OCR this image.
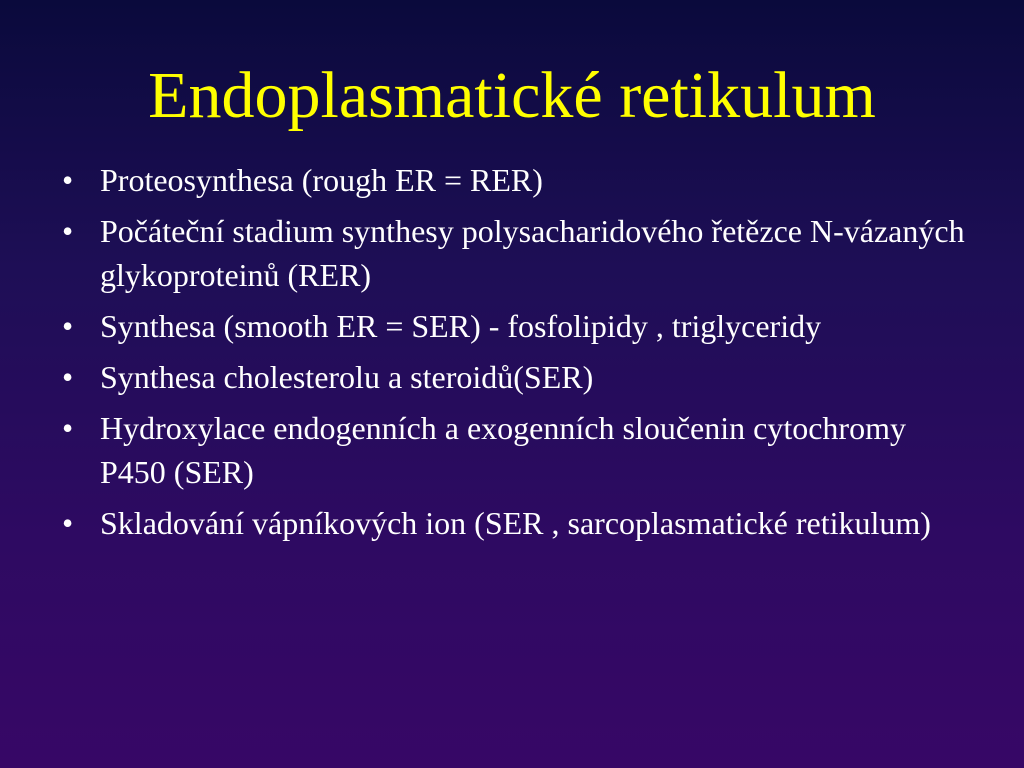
Endoplasmatické retikulum
• Proteosynthesa (rough ER = RER)
• Počáteční stadium synthesy polysacharidového řetězce N-vázaných glykoproteinů (RER)
• Synthesa (smooth ER = SER) - fosfolipidy , triglyceridy
• Synthesa cholesterolu a steroidů(SER)
• Hydroxylace endogenních a exogenních sloučenin cytochromy P450 (SER)
• Skladování vápníkových ion (SER , sarcoplasmatické retikulum)
